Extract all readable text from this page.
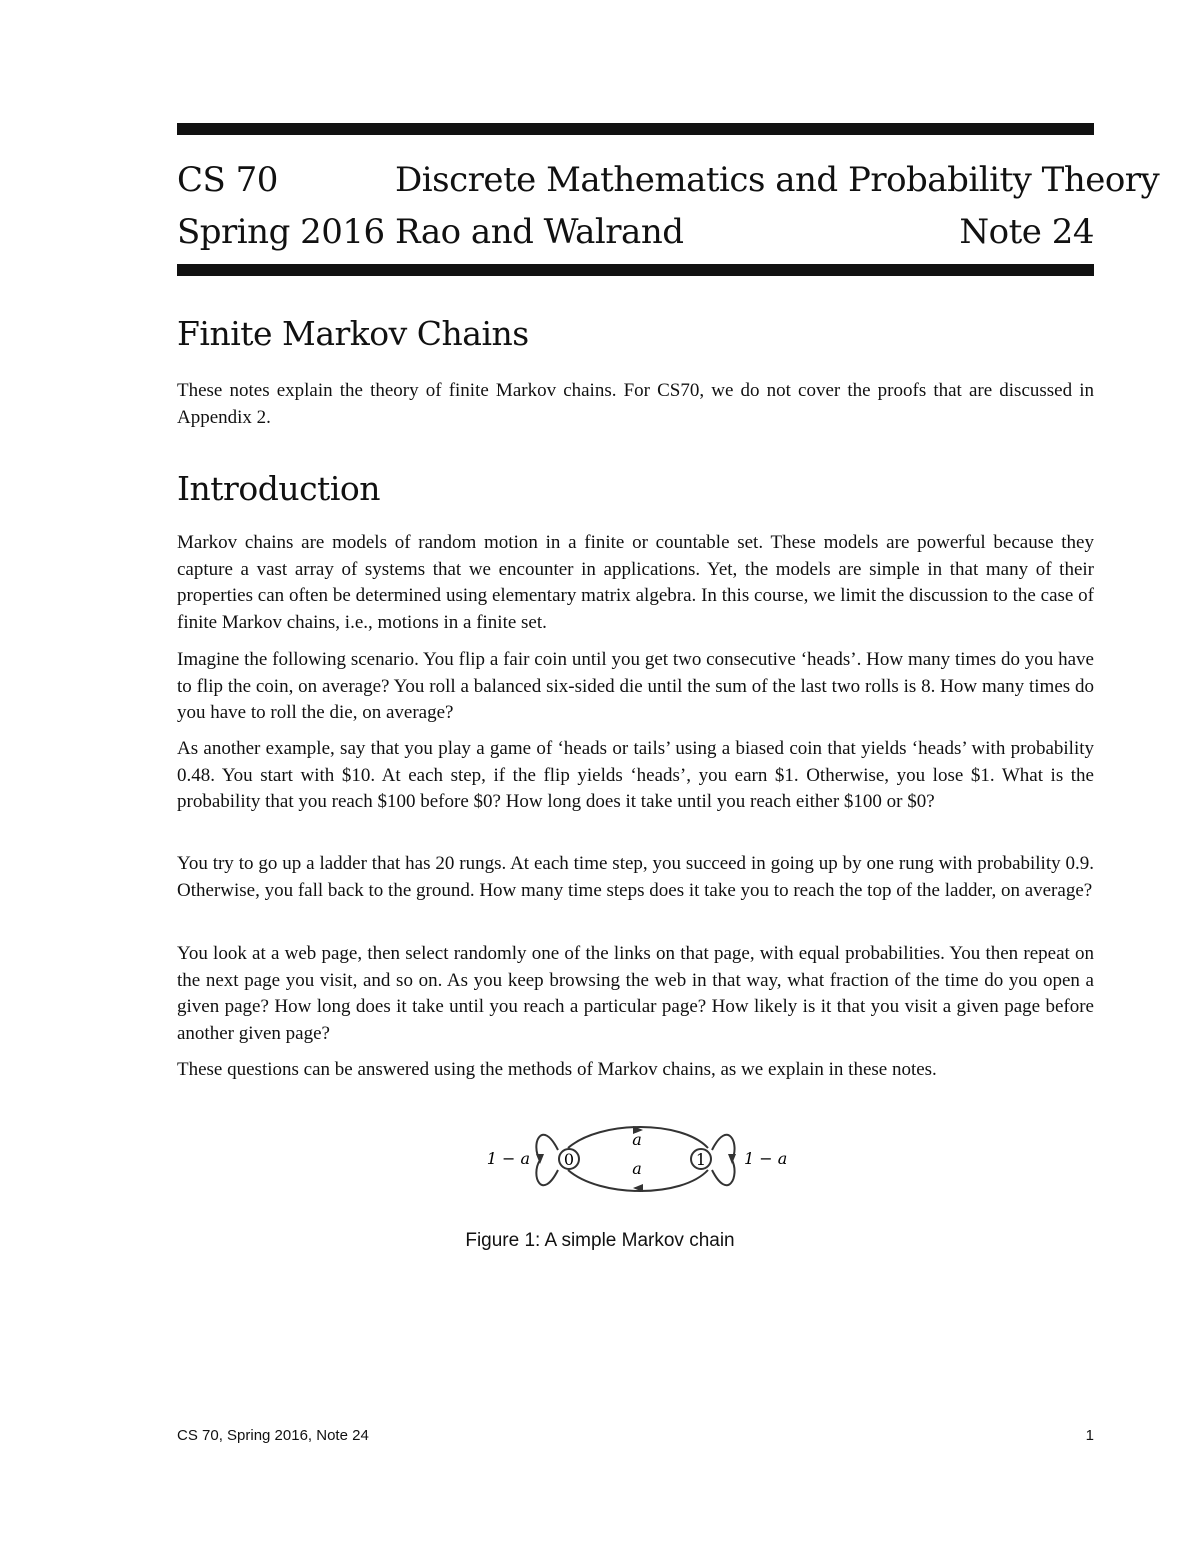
CS 70	Discrete Mathematics and Probability Theory
Spring 2016 Rao and Walrand	Note 24
Finite Markov Chains

These notes explain the theory of finite Markov chains. For CS70, we do not cover the proofs that are discussed in Appendix 2.

Introduction

Markov chains are models of random motion in a finite or countable set. These models are powerful because they capture a vast array of systems that we encounter in applications. Yet, the models are simple in that many of their properties can often be determined using elementary matrix algebra. In this course, we limit the discussion to the case of finite Markov chains, i.e., motions in a finite set.

Imagine the following scenario. You flip a fair coin until you get two consecutive ‘heads’. How many times do you have to flip the coin, on average? You roll a balanced six-sided die until the sum of the last two rolls is 8. How many times do you have to roll the die, on average?

As another example, say that you play a game of ‘heads or tails’ using a biased coin that yields ‘heads’ with probability 0.48. You start with $10. At each step, if the flip yields ‘heads’, you earn $1. Otherwise, you lose $1. What is the probability that you reach $100 before $0? How long does it take until you reach either $100 or $0?

You try to go up a ladder that has 20 rungs. At each time step, you succeed in going up by one rung with probability 0.9. Otherwise, you fall back to the ground. How many time steps does it take you to reach the top of the ladder, on average?

You look at a web page, then select randomly one of the links on that page, with equal probabilities. You then repeat on the next page you visit, and so on. As you keep browsing the web in that way, what fraction of the time do you open a given page? How long does it take until you reach a particular page? How likely is it that you visit a given page before another given page?

These questions can be answered using the methods of Markov chains, as we explain in these notes.

0	1
a
a
1 − a	1 − a
Figure 1: A simple Markov chain
CS 70, Spring 2016, Note 24	1
